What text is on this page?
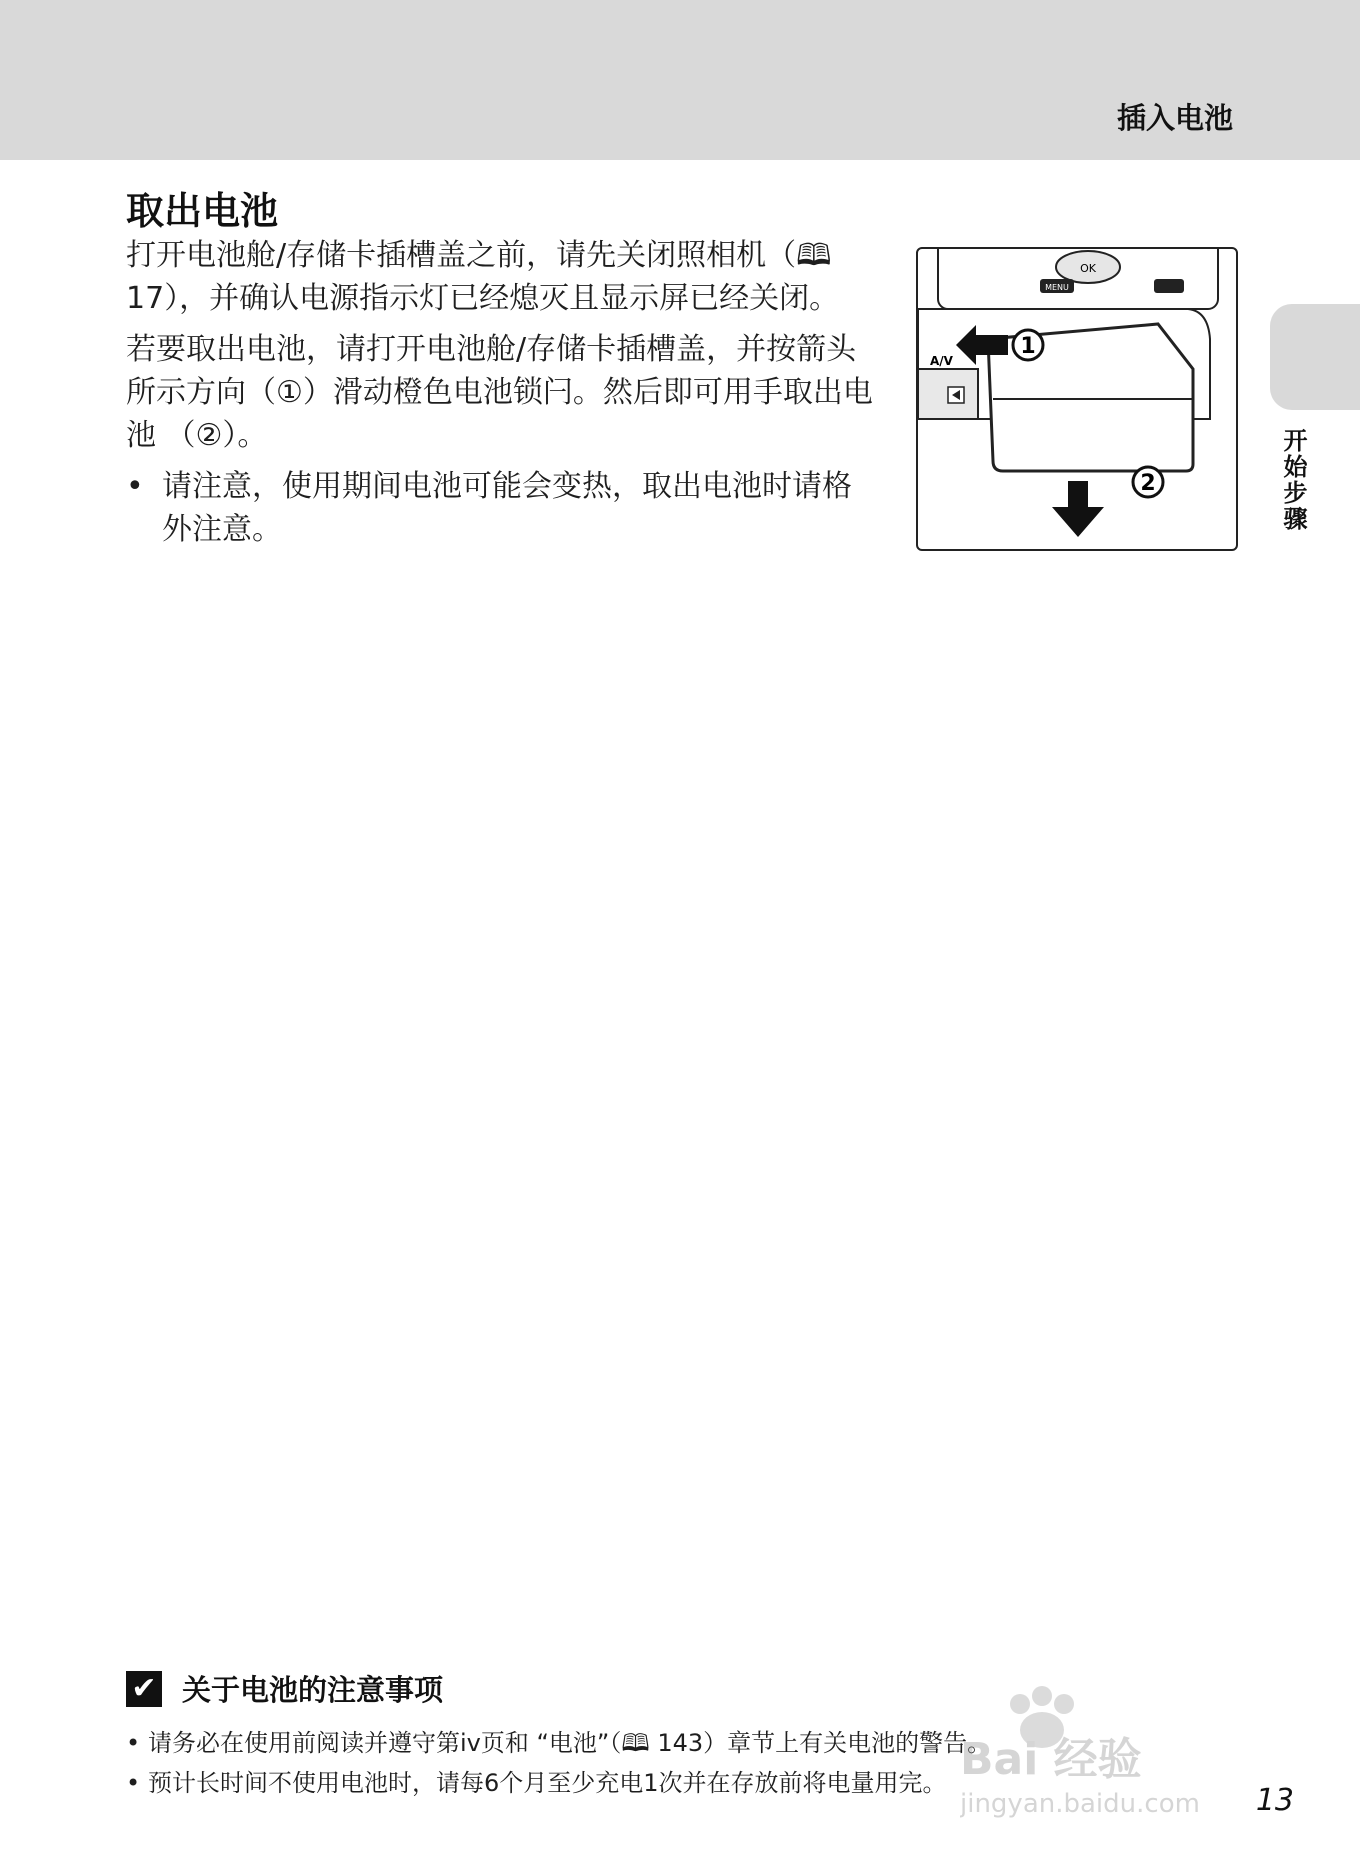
插入电池
取出电池

打开电池舱/存储卡插槽盖之前，请先关闭照相机（🕮 17），并确认电源指示灯已经熄灭且显示屏已经关闭。

若要取出电池，请打开电池舱/存储卡插槽盖，并按箭头所示方向（①）滑动橙色电池锁闩。然后即可用手取出电池 （②）。

• 请注意，使用期间电池可能会变热，取出电池时请格外注意。
OK
MENU
A/V
1
2	开始步骤
✔ 关于电池的注意事项
• 请务必在使用前阅读并遵守第iv页和 “电池”（🕮 143）章节上有关电池的警告。
• 预计长时间不使用电池时，请每6个月至少充电1次并在存放前将电量用完。	13
Bai 经验
jingyan.baidu.com
